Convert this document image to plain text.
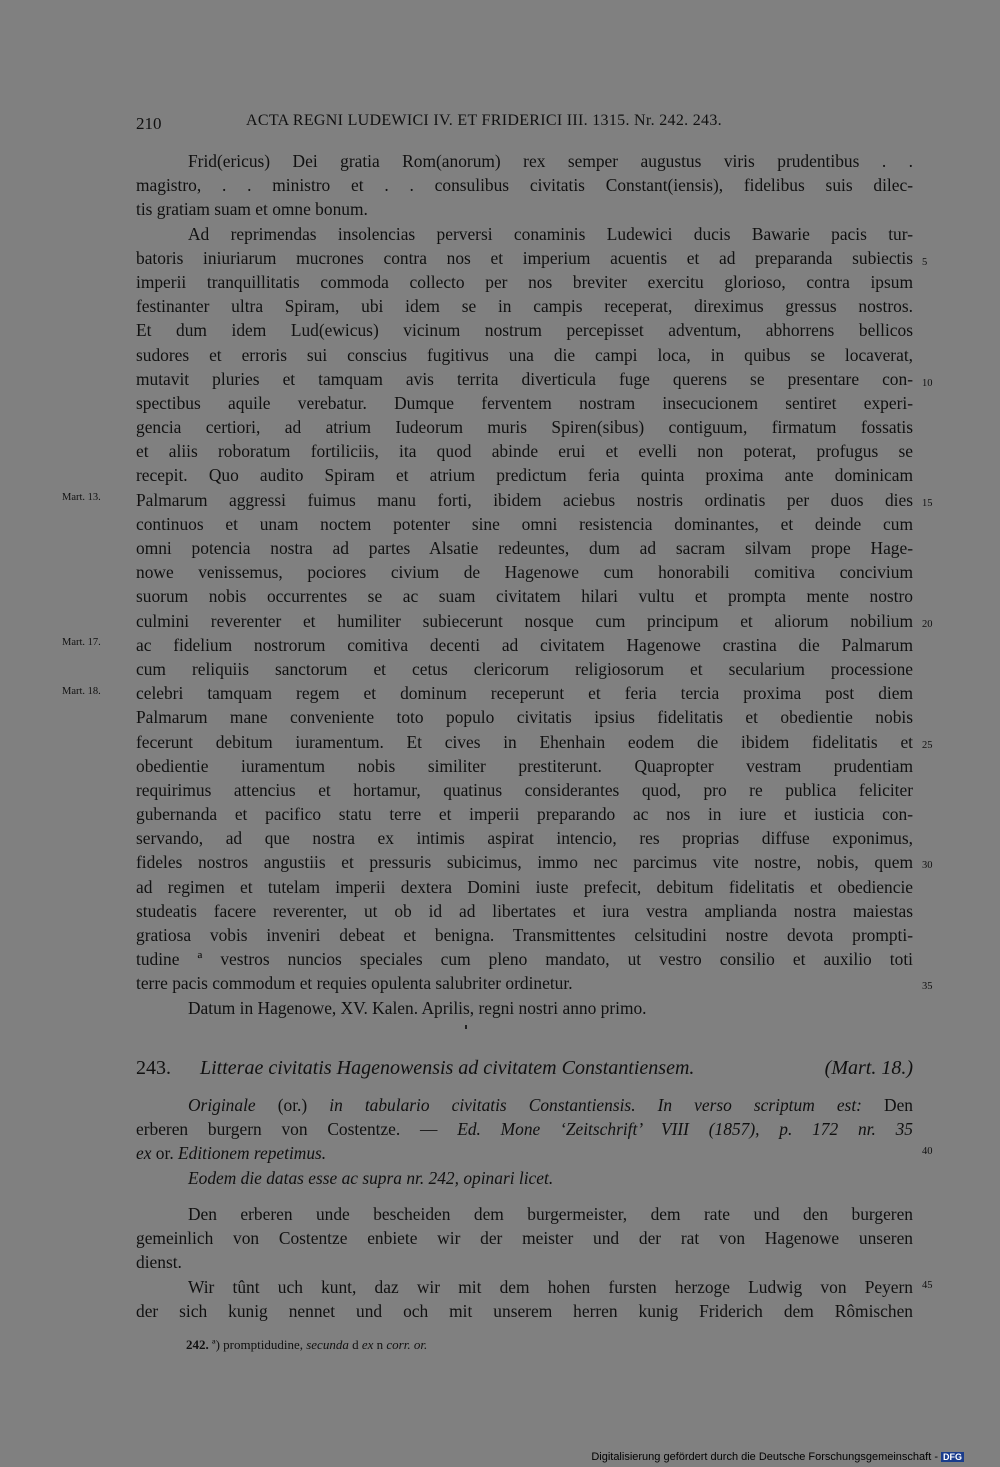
210	ACTA REGNI LUDEWICI IV. ET FRIDERICI III. 1315. Nr. 242. 243.
Frid(ericus) Dei gratia Rom(anorum) rex semper augustus viris prudentibus . .
magistro, . . ministro et . . consulibus civitatis Constant(iensis), fidelibus suis dilec-
tis gratiam suam et omne bonum.
Ad reprimendas insolencias perversi conaminis Ludewici ducis Bawarie pacis tur-
batoris iniuriarum mucrones contra nos et imperium acuentis et ad preparanda subiectis
imperii tranquillitatis commoda collecto per nos breviter exercitu glorioso, contra ipsum
festinanter ultra Spiram, ubi idem se in campis receperat, direximus gressus nostros.
Et dum idem Lud(ewicus) vicinum nostrum percepisset adventum, abhorrens bellicos
sudores et erroris sui conscius fugitivus una die campi loca, in quibus se locaverat,
mutavit pluries et tamquam avis territa diverticula fuge querens se presentare con-
spectibus aquile verebatur. Dumque ferventem nostram insecucionem sentiret experi-
gencia certiori, ad atrium Iudeorum muris Spiren(sibus) contiguum, firmatum fossatis
et aliis roboratum fortiliciis, ita quod abinde erui et evelli non poterat, profugus se
recepit. Quo audito Spiram et atrium predictum feria quinta proxima ante dominicam
Palmarum aggressi fuimus manu forti, ibidem aciebus nostris ordinatis per duos dies
continuos et unam noctem potenter sine omni resistencia dominantes, et deinde cum
omni potencia nostra ad partes Alsatie redeuntes, dum ad sacram silvam prope Hage-
nowe venissemus, pociores civium de Hagenowe cum honorabili comitiva concivium
suorum nobis occurrentes se ac suam civitatem hilari vultu et prompta mente nostro
culmini reverenter et humiliter subiecerunt nosque cum principum et aliorum nobilium
ac fidelium nostrorum comitiva decenti ad civitatem Hagenowe crastina die Palmarum
cum reliquiis sanctorum et cetus clericorum religiosorum et secularium processione
celebri tamquam regem et dominum receperunt et feria tercia proxima post diem
Palmarum mane conveniente toto populo civitatis ipsius fidelitatis et obedientie nobis
fecerunt debitum iuramentum. Et cives in Ehenhain eodem die ibidem fidelitatis et
obedientie iuramentum nobis similiter prestiterunt. Quapropter vestram prudentiam
requirimus attencius et hortamur, quatinus considerantes quod, pro re publica feliciter
gubernanda et pacifico statu terre et imperii preparando ac nos in iure et iusticia con-
servando, ad que nostra ex intimis aspirat intencio, res proprias diffuse exponimus,
fideles nostros angustiis et pressuris subicimus, immo nec parcimus vite nostre, nobis, quem
ad regimen et tutelam imperii dextera Domini iuste prefecit, debitum fidelitatis et obediencie
studeatis facere reverenter, ut ob id ad libertates et iura vestra amplianda nostra maiestas
gratiosa vobis inveniri debeat et benigna. Transmittentes celsitudini nostre devota prompti-
tudine ª vestros nuncios speciales cum pleno mandato, ut vestro consilio et auxilio toti
terre pacis commodum et requies opulenta salubriter ordinetur.
Datum in Hagenowe, XV. Kalen. Aprilis, regni nostri anno primo.
Mart. 13.
Mart. 17.
Mart. 18.
5
10
15
20
25
30
35
243. Litterae civitatis Hagenowensis ad civitatem Constantiensem.	(Mart. 18.)
Originale (or.) in tabulario civitatis Constantiensis. In verso scriptum est: Den
erberen burgern von Costentze. — Ed. Mone ‘Zeitschrift’ VIII (1857), p. 172 nr. 35
ex or. Editionem repetimus.
Eodem die datas esse ac supra nr. 242, opinari licet.
Den erberen unde bescheiden dem burgermeister, dem rate und den burgeren
gemeinlich von Costentze enbiete wir der meister und der rat von Hagenowe unseren
dienst.
Wir tûnt uch kunt, daz wir mit dem hohen fursten herzoge Ludwig von Peyern
der sich kunig nennet und och mit unserem herren kunig Friderich dem Rômischen
40
45
242. ª) promptidudine, secunda d ex n corr. or.
Digitalisierung gefördert durch die Deutsche Forschungsgemeinschaft - DFG
